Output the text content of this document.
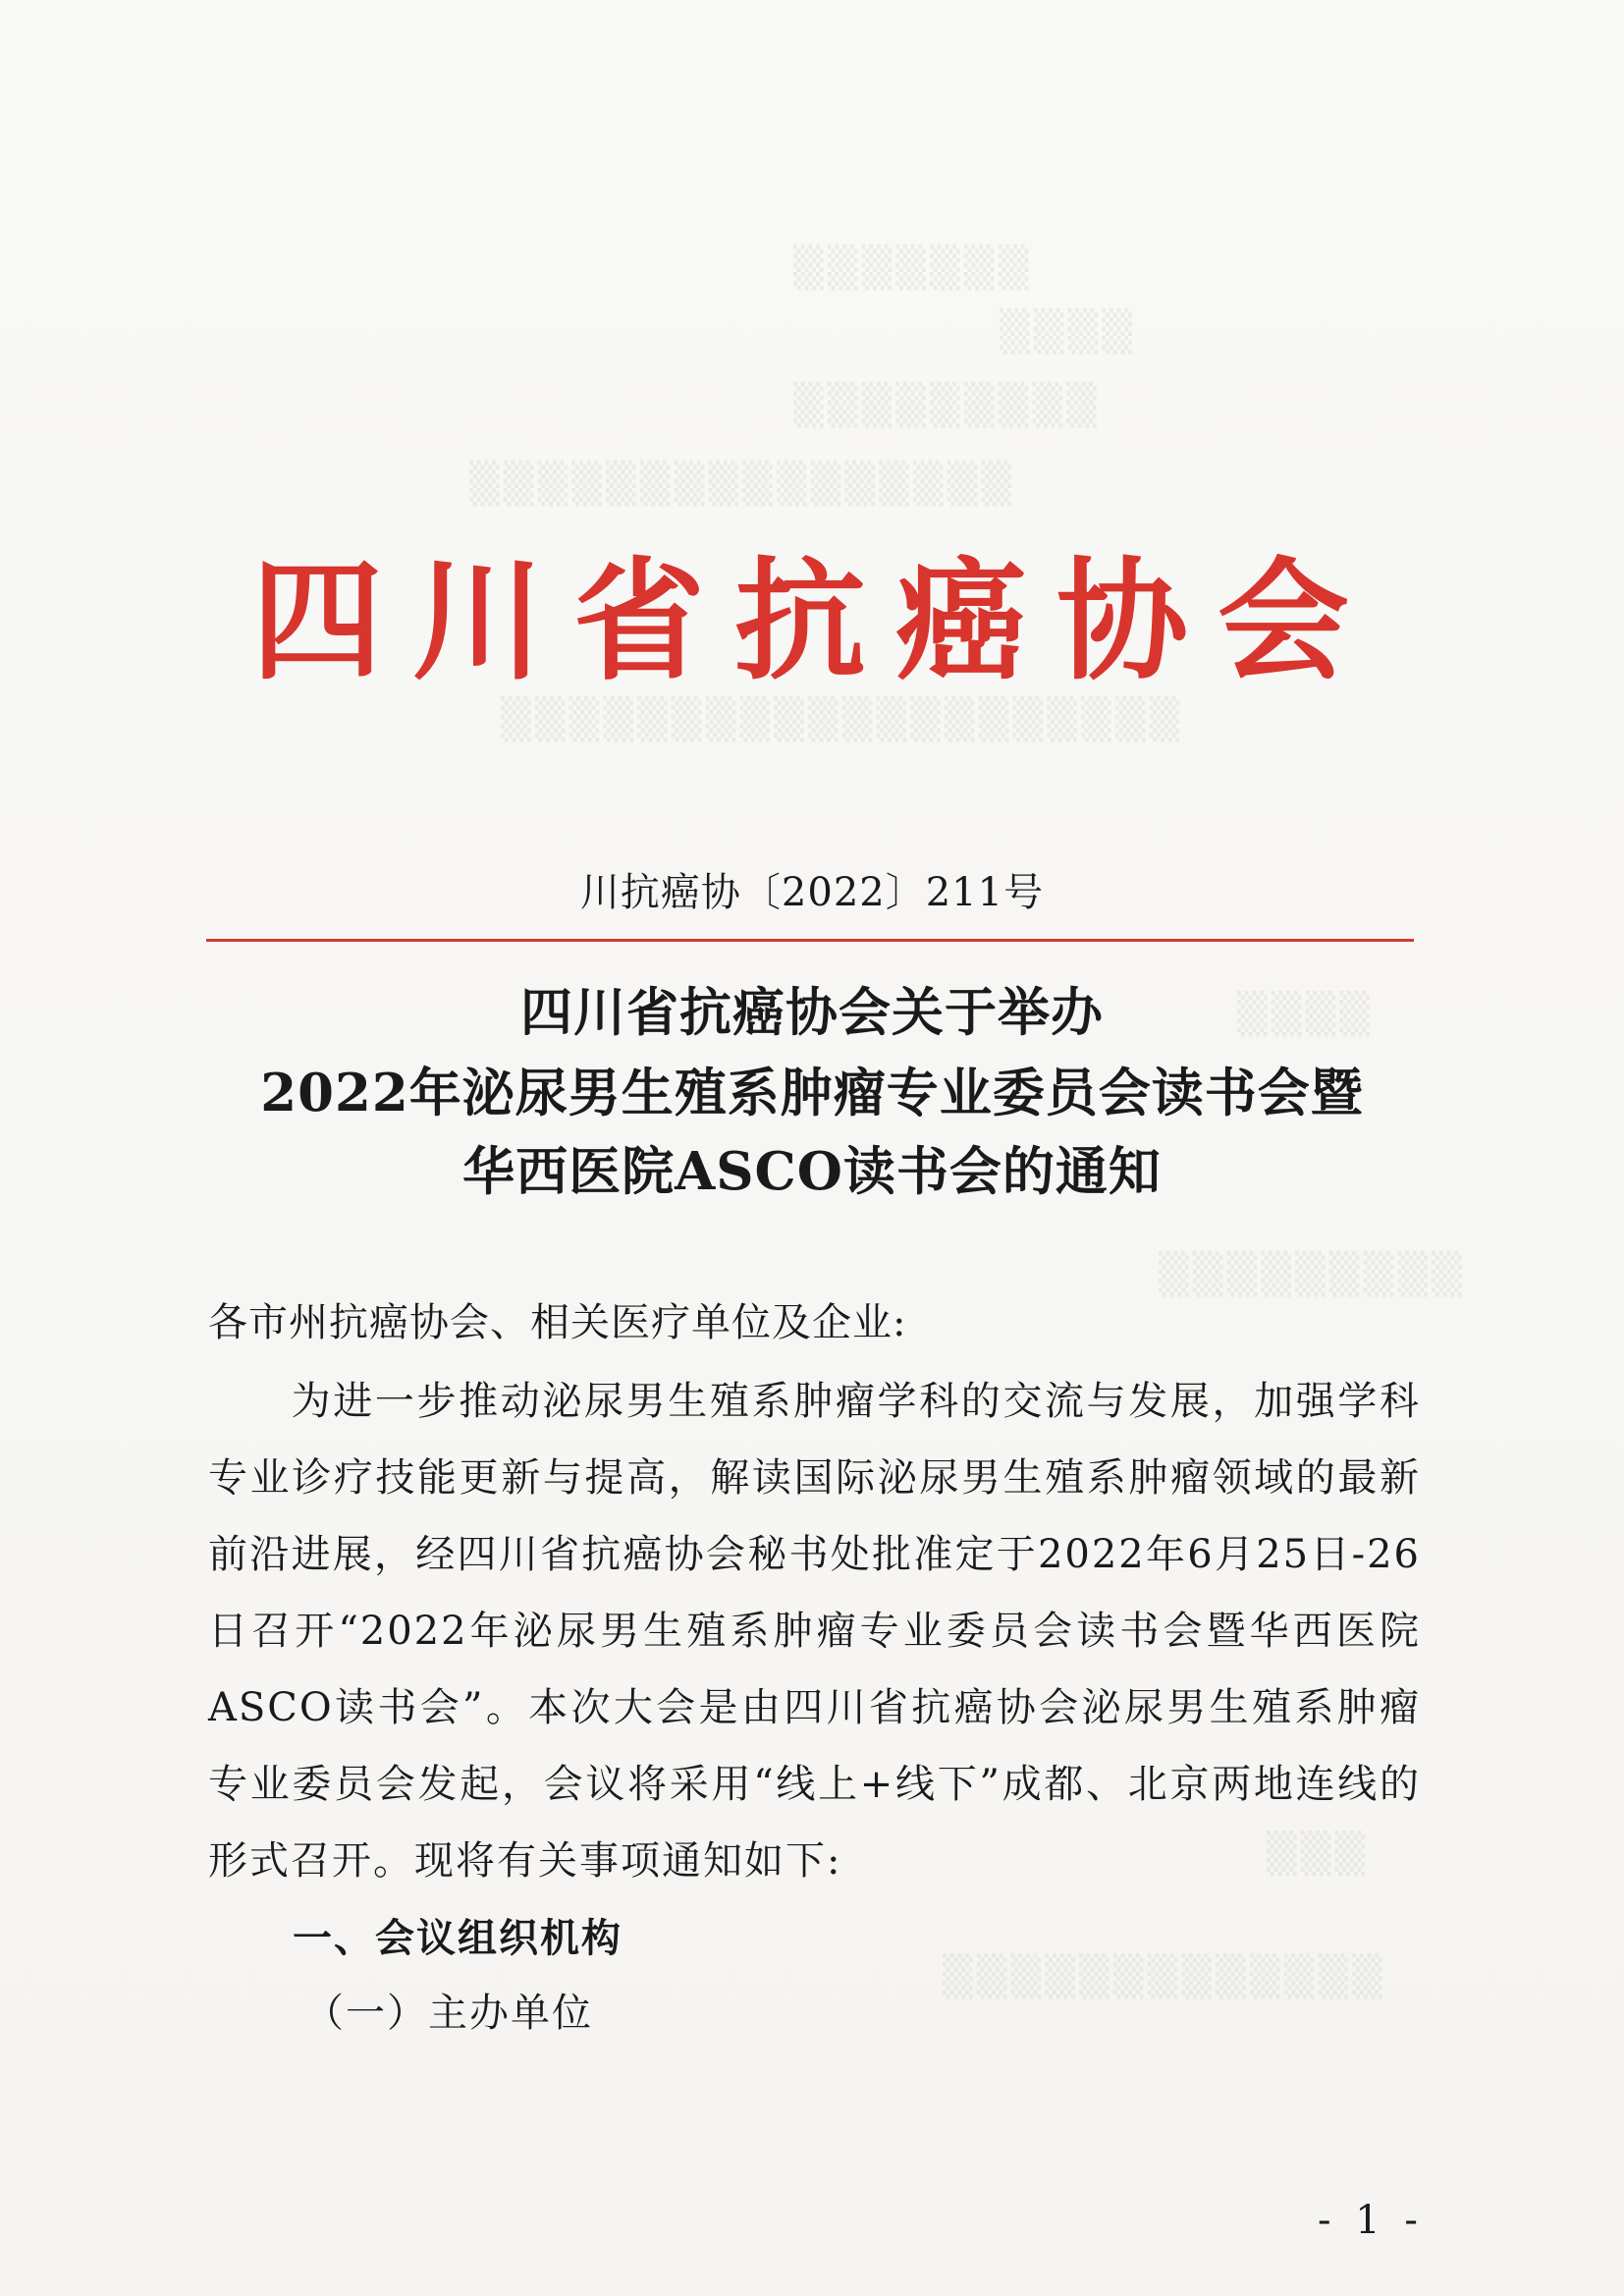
▒▒▒▒▒▒▒
▒▒▒▒
▒▒▒▒▒▒▒▒▒
▒▒▒▒▒▒▒▒▒▒▒▒▒▒▒▒
▒▒▒▒▒▒▒▒▒▒▒▒▒▒▒▒▒▒▒▒
▒▒▒▒
▒▒▒▒▒▒▒▒▒
▒▒▒
▒▒▒▒▒▒▒▒▒▒▒▒▒
四川省抗癌协会
川抗癌协〔2022〕211号
四川省抗癌协会关于举办
2022年泌尿男生殖系肿瘤专业委员会读书会暨
华西医院ASCO读书会的通知
各市州抗癌协会、相关医疗单位及企业:
为进一步推动泌尿男生殖系肿瘤学科的交流与发展，加强学科专业诊疗技能更新与提高，解读国际泌尿男生殖系肿瘤领域的最新前沿进展，经四川省抗癌协会秘书处批准定于2022年6月25日-26日召开“2022年泌尿男生殖系肿瘤专业委员会读书会暨华西医院ASCO读书会”。本次大会是由四川省抗癌协会泌尿男生殖系肿瘤专业委员会发起，会议将采用“线上+线下”成都、北京两地连线的形式召开。现将有关事项通知如下:
一、会议组织机构
（一）主办单位
- 1 -
